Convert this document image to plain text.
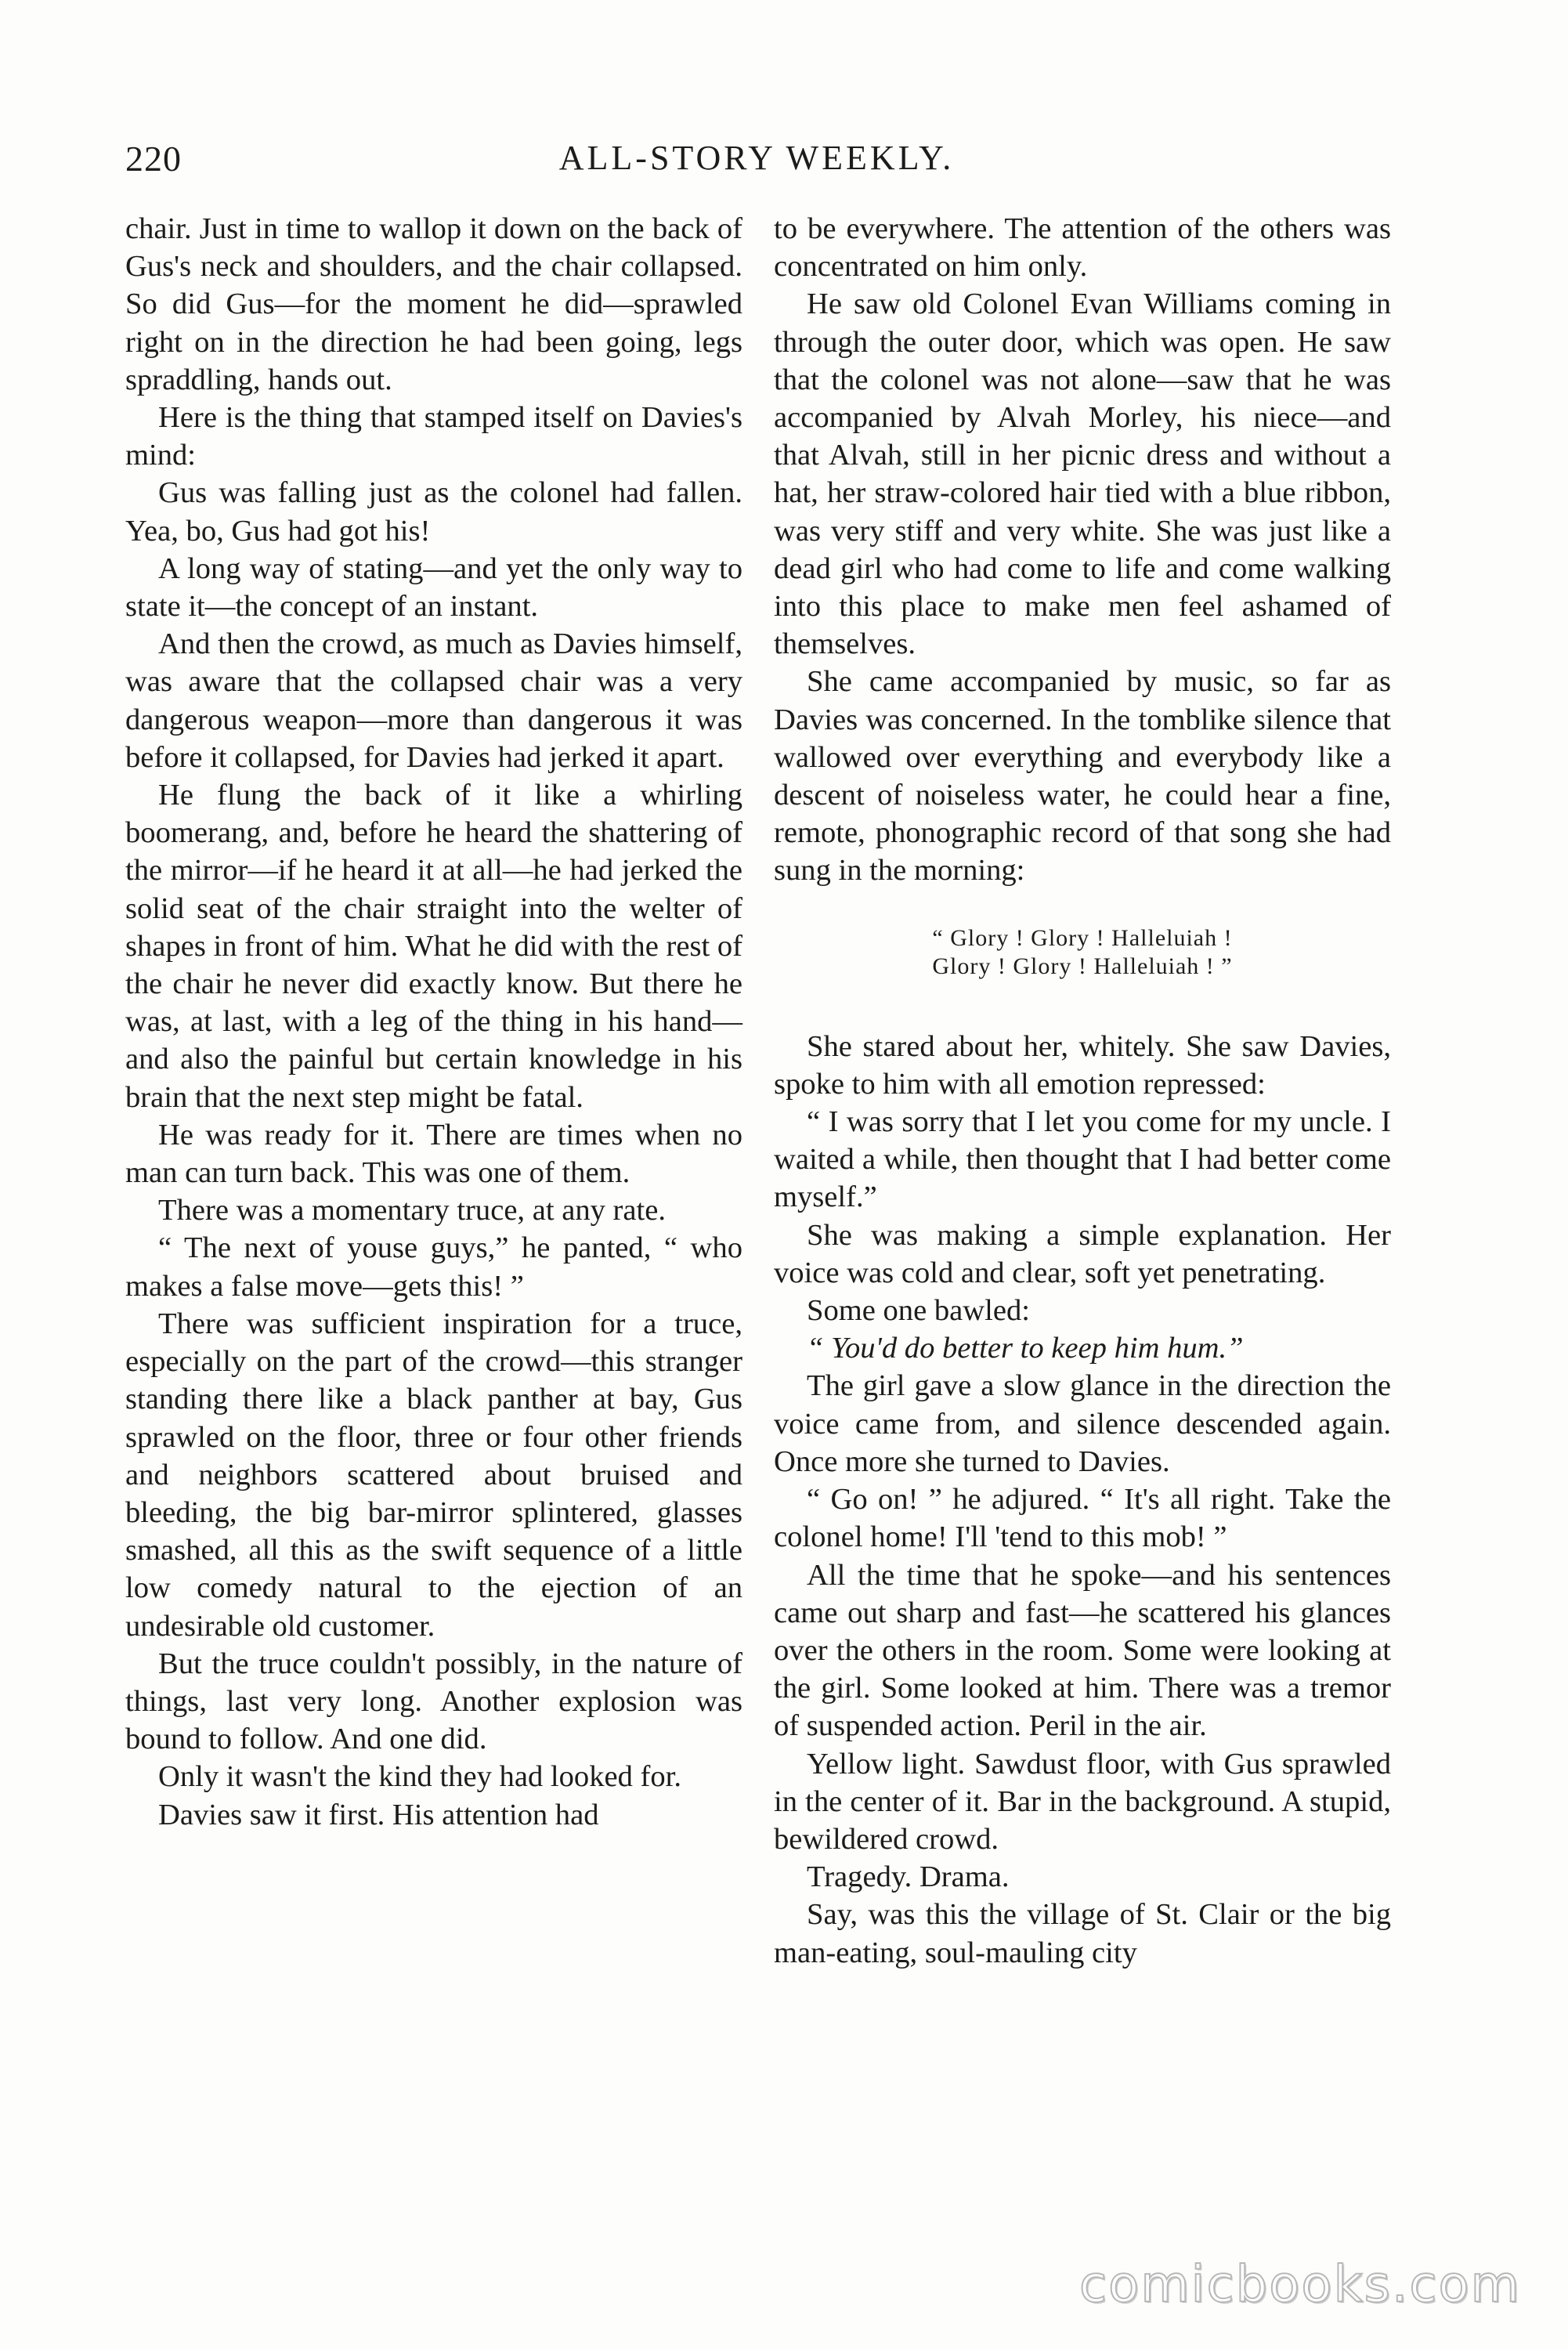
220	ALL-STORY WEEKLY.

chair. Just in time to wallop it down on the back of Gus's neck and shoulders, and the chair collapsed. So did Gus—for the moment he did—sprawled right on in the direction he had been going, legs spraddling, hands out.

Here is the thing that stamped itself on Davies's mind:

Gus was falling just as the colonel had fallen. Yea, bo, Gus had got his!

A long way of stating—and yet the only way to state it—the concept of an instant.

And then the crowd, as much as Davies himself, was aware that the collapsed chair was a very dangerous weapon—more than dangerous it was before it collapsed, for Davies had jerked it apart.

He flung the back of it like a whirling boomerang, and, before he heard the shattering of the mirror—if he heard it at all—he had jerked the solid seat of the chair straight into the welter of shapes in front of him. What he did with the rest of the chair he never did exactly know. But there he was, at last, with a leg of the thing in his hand—and also the painful but certain knowledge in his brain that the next step might be fatal.

He was ready for it. There are times when no man can turn back. This was one of them.

There was a momentary truce, at any rate.

“ The next of youse guys,” he panted, “ who makes a false move—gets this! ”

There was sufficient inspiration for a truce, especially on the part of the crowd—this stranger standing there like a black panther at bay, Gus sprawled on the floor, three or four other friends and neighbors scattered about bruised and bleeding, the big bar-mirror splintered, glasses smashed, all this as the swift sequence of a little low comedy natural to the ejection of an undesirable old customer.

But the truce couldn't possibly, in the nature of things, last very long. Another explosion was bound to follow. And one did.

Only it wasn't the kind they had looked for.

Davies saw it first. His attention had

to be everywhere. The attention of the others was concentrated on him only.

He saw old Colonel Evan Williams coming in through the outer door, which was open. He saw that the colonel was not alone—saw that he was accompanied by Alvah Morley, his niece—and that Alvah, still in her picnic dress and without a hat, her straw-colored hair tied with a blue ribbon, was very stiff and very white. She was just like a dead girl who had come to life and come walking into this place to make men feel ashamed of themselves.

She came accompanied by music, so far as Davies was concerned. In the tomblike silence that wallowed over everything and everybody like a descent of noiseless water, he could hear a fine, remote, phonographic record of that song she had sung in the morning:

“ Glory ! Glory ! Halleluiah !
Glory ! Glory ! Halleluiah ! ”

She stared about her, whitely. She saw Davies, spoke to him with all emotion repressed:

“ I was sorry that I let you come for my uncle. I waited a while, then thought that I had better come myself.”

She was making a simple explanation. Her voice was cold and clear, soft yet penetrating.

Some one bawled:

“ You'd do better to keep him hum.”

The girl gave a slow glance in the direction the voice came from, and silence descended again. Once more she turned to Davies.

“ Go on! ” he adjured. “ It's all right. Take the colonel home! I'll 'tend to this mob! ”

All the time that he spoke—and his sentences came out sharp and fast—he scattered his glances over the others in the room. Some were looking at the girl. Some looked at him. There was a tremor of suspended action. Peril in the air.

Yellow light. Sawdust floor, with Gus sprawled in the center of it. Bar in the background. A stupid, bewildered crowd.

Tragedy. Drama.

Say, was this the village of St. Clair or the big man-eating, soul-mauling city

comicbooks.com
